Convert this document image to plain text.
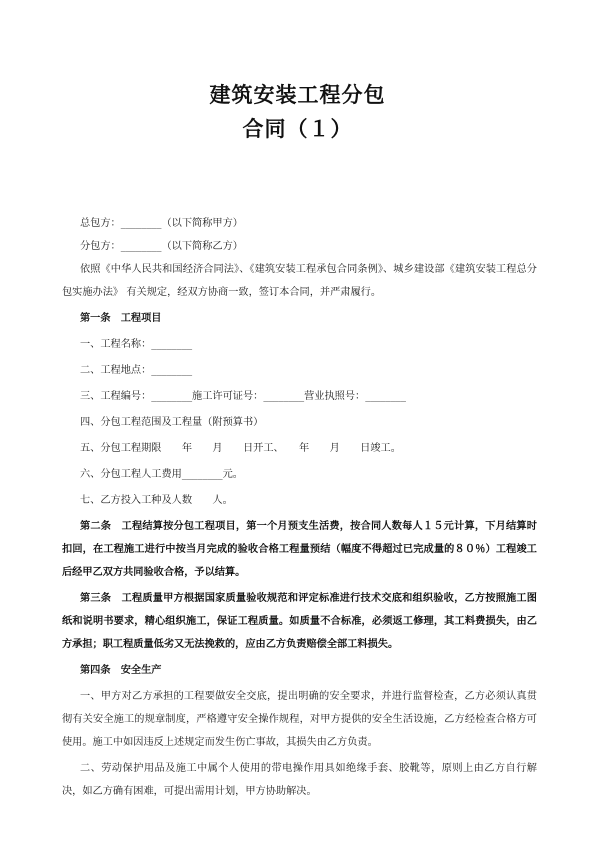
建筑安装工程分包
合同（１）

总包方：________（以下简称甲方）

分包方：________（以下简称乙方）

依照《中华人民共和国经济合同法》、《建筑安装工程承包合同条例》、城乡建设部《建筑安装工程总分包实施办法》 有关规定，经双方协商一致，签订本合同，并严肃履行。

第一条　工程项目

一、工程名称：________

二、工程地点：________

三、工程编号：________施工许可证号：________营业执照号：________

四、分包工程范围及工程量（附预算书）

五、分包工程期限　　年　　月　　日开工、　　年　　月　　日竣工。

六、分包工程人工费用________元。

七、乙方投入工种及人数　　人。

第二条　工程结算按分包工程项目，第一个月预支生活费，按合同人数每人１５元计算，下月结算时扣回，在工程施工进行中按当月完成的验收合格工程量预结（幅度不得超过已完成量的８０％）工程竣工后经甲乙双方共同验收合格，予以结算。

第三条　工程质量甲方根据国家质量验收规范和评定标准进行技术交底和组织验收，乙方按照施工图纸和说明书要求，精心组织施工，保证工程质量。如质量不合标准，必须返工修理，其工料费损失，由乙方承担；职工程质量低劣又无法挽救的，应由乙方负责赔偿全部工料损失。

第四条　安全生产

一、甲方对乙方承担的工程要做安全交底，提出明确的安全要求，并进行监督检查，乙方必须认真贯彻有关安全施工的规章制度，严格遵守安全操作规程，对甲方提供的安全生活设施，乙方经检查合格方可使用。施工中如因违反上述规定而发生伤亡事故，其损失由乙方负责。

二、劳动保护用品及施工中属个人使用的带电操作用具如绝缘手套、胶靴等，原则上由乙方自行解决，如乙方确有困难，可提出需用计划，甲方协助解决。
